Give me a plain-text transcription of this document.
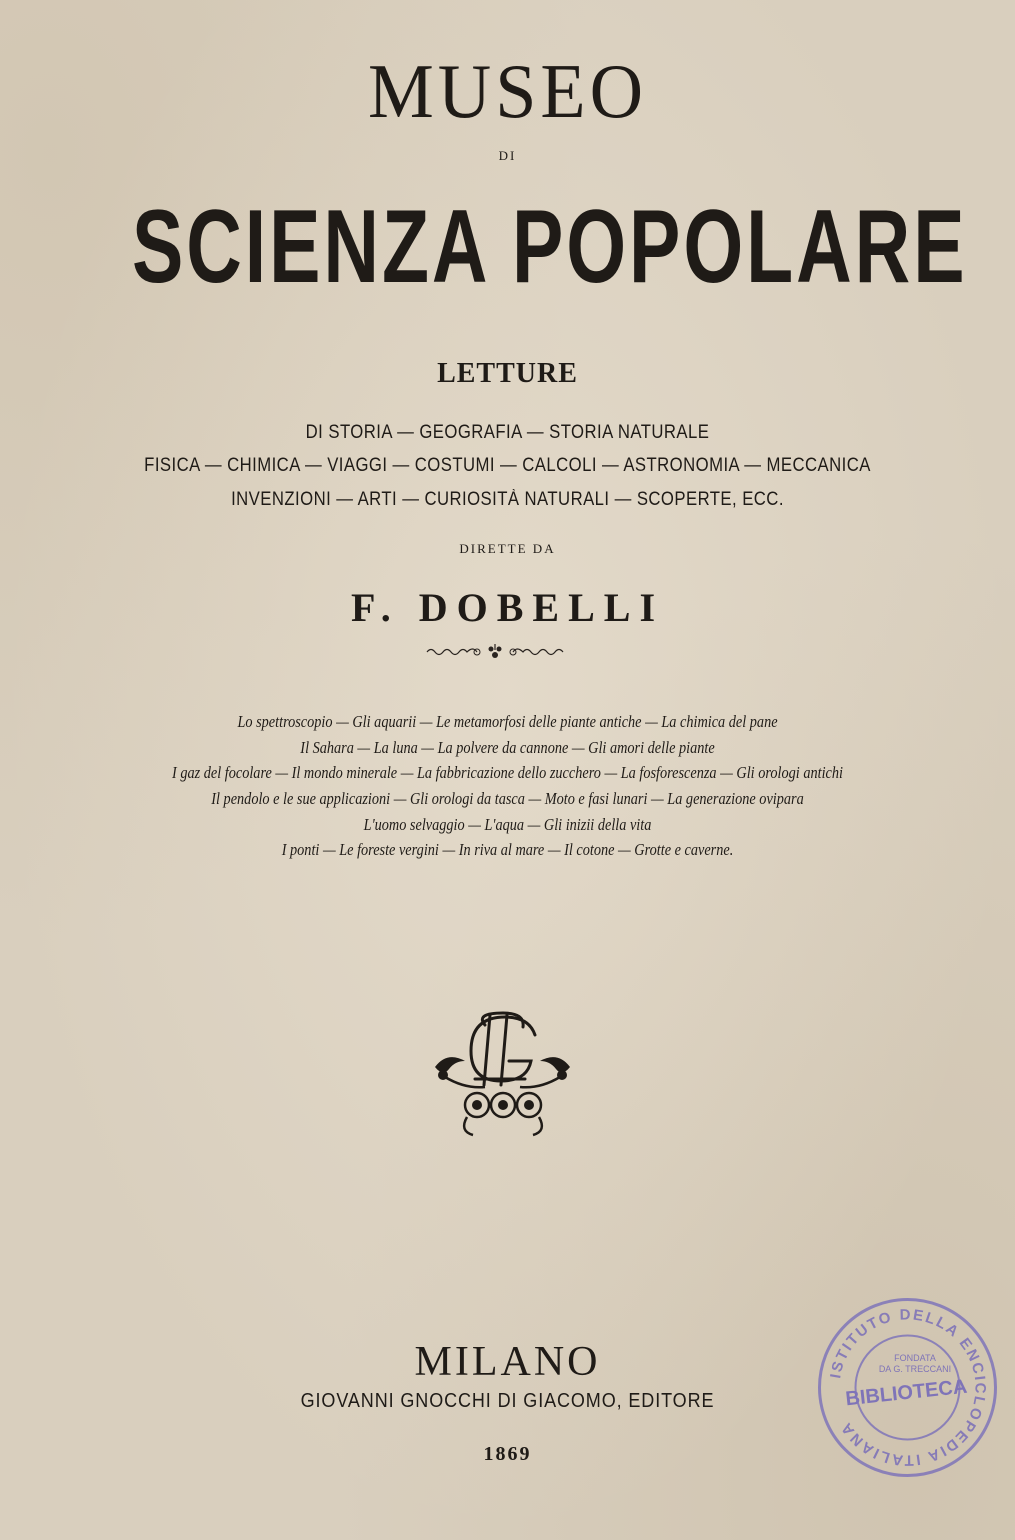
MUSEO
DI
SCIENZA POPOLARE
LETTURE
DI STORIA — GEOGRAFIA — STORIA NATURALE
FISICA — CHIMICA — VIAGGI — COSTUMI — CALCOLI — ASTRONOMIA — MECCANICA
INVENZIONI — ARTI — CURIOSITÀ NATURALI — SCOPERTE, ECC.
DIRETTE DA
F. DOBELLI
Lo spettroscopio — Gli aquarii — Le metamorfosi delle piante antiche — La chimica del pane
Il Sahara — La luna — La polvere da cannone — Gli amori delle piante
I gaz del focolare — Il mondo minerale — La fabbricazione dello zucchero — La fosforescenza — Gli orologi antichi
Il pendolo e le sue applicazioni — Gli orologi da tasca — Moto e fasi lunari — La generazione ovipara
L'uomo selvaggio — L'aqua — Gli inizii della vita
I ponti — Le foreste vergini — In riva al mare — Il cotone — Grotte e caverne.
MILANO
GIOVANNI GNOCCHI DI GIACOMO, EDITORE
1869
ISTITUTO DELLA ENCICLOPEDIA ITALIANA
FONDATA
DA G. TRECCANI
BIBLIOTECA
